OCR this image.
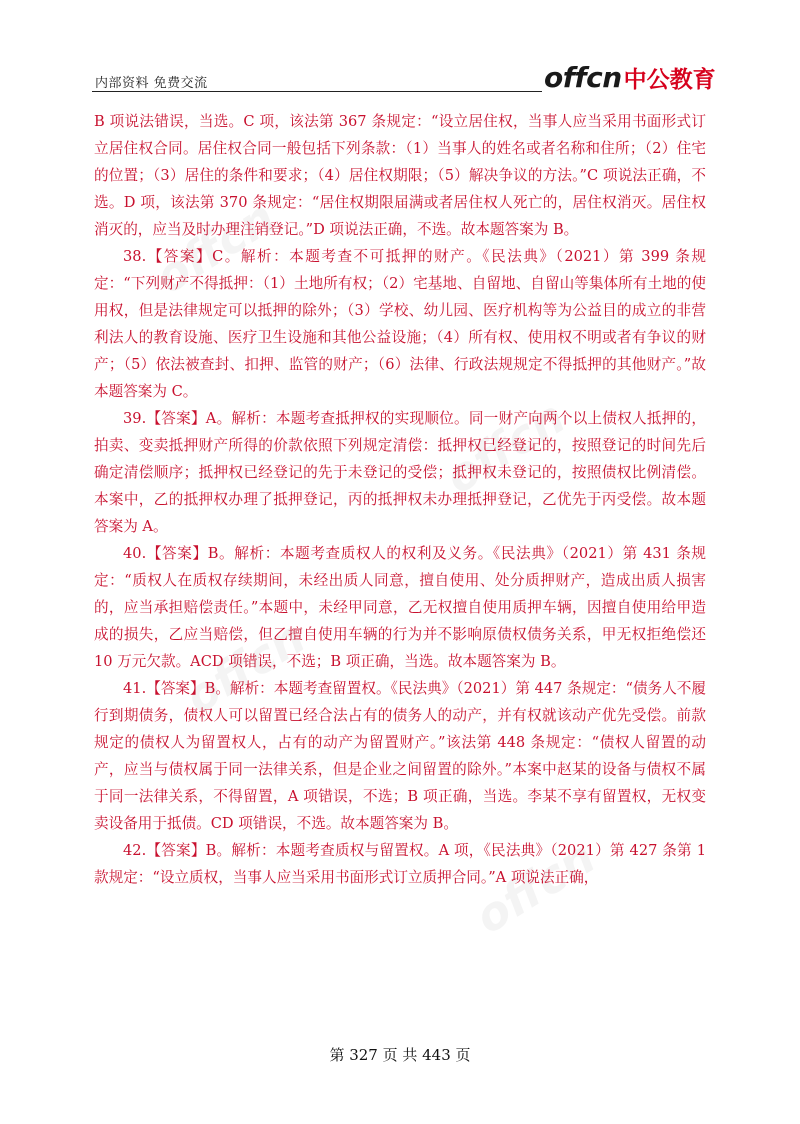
内部资料 免费交流	offcn 中公教育

B 项说法错误，当选。C 项，该法第 367 条规定：“设立居住权，当事人应当采用书面形式订立居住权合同。居住权合同一般包括下列条款：（1）当事人的姓名或者名称和住所；（2）住宅的位置；（3）居住的条件和要求；（4）居住权期限；（5）解决争议的方法。”C 项说法正确，不选。D 项，该法第 370 条规定：“居住权期限届满或者居住权人死亡的，居住权消灭。居住权消灭的，应当及时办理注销登记。”D 项说法正确，不选。故本题答案为 B。

38.【答案】C。解析：本题考查不可抵押的财产。《民法典》（2021）第 399 条规定：“下列财产不得抵押：（1）土地所有权；（2）宅基地、自留地、自留山等集体所有土地的使用权，但是法律规定可以抵押的除外；（3）学校、幼儿园、医疗机构等为公益目的成立的非营利法人的教育设施、医疗卫生设施和其他公益设施；（4）所有权、使用权不明或者有争议的财产；（5）依法被查封、扣押、监管的财产；（6）法律、行政法规规定不得抵押的其他财产。”故本题答案为 C。

39.【答案】A。解析：本题考查抵押权的实现顺位。同一财产向两个以上债权人抵押的，拍卖、变卖抵押财产所得的价款依照下列规定清偿：抵押权已经登记的，按照登记的时间先后确定清偿顺序；抵押权已经登记的先于未登记的受偿；抵押权未登记的，按照债权比例清偿。本案中，乙的抵押权办理了抵押登记，丙的抵押权未办理抵押登记，乙优先于丙受偿。故本题答案为 A。

40.【答案】B。解析：本题考查质权人的权利及义务。《民法典》（2021）第 431 条规定：“质权人在质权存续期间，未经出质人同意，擅自使用、处分质押财产，造成出质人损害的，应当承担赔偿责任。”本题中，未经甲同意，乙无权擅自使用质押车辆，因擅自使用给甲造成的损失，乙应当赔偿，但乙擅自使用车辆的行为并不影响原债权债务关系，甲无权拒绝偿还 10 万元欠款。ACD 项错误，不选；B 项正确，当选。故本题答案为 B。

41.【答案】B。解析：本题考查留置权。《民法典》（2021）第 447 条规定：“债务人不履行到期债务，债权人可以留置已经合法占有的债务人的动产，并有权就该动产优先受偿。前款规定的债权人为留置权人，占有的动产为留置财产。”该法第 448 条规定：“债权人留置的动产，应当与债权属于同一法律关系，但是企业之间留置的除外。”本案中赵某的设备与债权不属于同一法律关系，不得留置，A 项错误，不选；B 项正确，当选。李某不享有留置权，无权变卖设备用于抵债。CD 项错误，不选。故本题答案为 B。

42.【答案】B。解析：本题考查质权与留置权。A 项，《民法典》（2021）第 427 条第 1 款规定：“设立质权，当事人应当采用书面形式订立质押合同。”A 项说法正确，

第 327 页 共 443 页
